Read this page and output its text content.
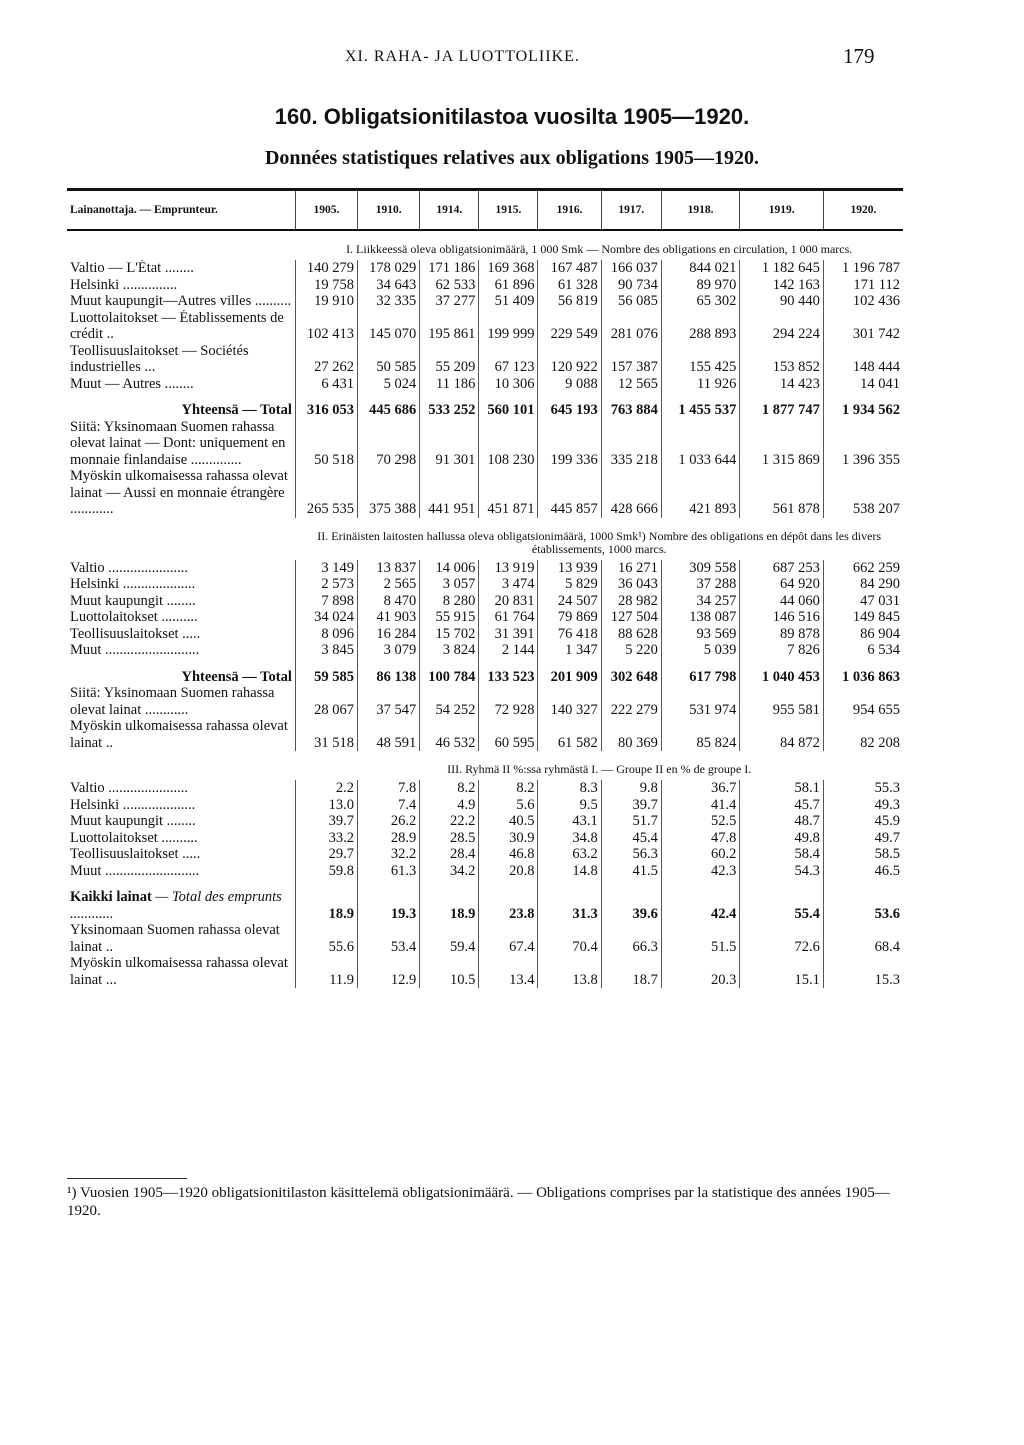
XI. RAHA- JA LUOTTOLIIKE.	179
160. Obligatsionitilastoa vuosilta 1905—1920.
Données statistiques relatives aux obligations 1905—1920.
Lainanottaja. — Emprunteur.	1905.	1910.	1914.	1915.	1916.	1917.	1918.	1919.	1920.
	I. Liikkeessä oleva obligatsionimäärä, 1 000 Smk — Nombre des obligations en circulation, 1 000 marcs.								
Valtio — L'État ........	140 279	178 029	171 186	169 368	167 487	166 037	844 021	1 182 645	1 196 787
Helsinki ...............	19 758	34 643	62 533	61 896	61 328	90 734	89 970	142 163	171 112
Muut kaupungit—Autres villes ..........	19 910	32 335	37 277	51 409	56 819	56 085	65 302	90 440	102 436
Luottolaitokset — Établissements de crédit ..	102 413	145 070	195 861	199 999	229 549	281 076	288 893	294 224	301 742
Teollisuuslaitokset — Sociétés industrielles ...	27 262	50 585	55 209	67 123	120 922	157 387	155 425	153 852	148 444
Muut — Autres ........	6 431	5 024	11 186	10 306	9 088	12 565	11 926	14 423	14 041
Yhteensä — Total	316 053	445 686	533 252	560 101	645 193	763 884	1 455 537	1 877 747	1 934 562
Siitä: Yksinomaan Suomen rahassa olevat lainat — Dont: uniquement en monnaie finlandaise ..............	50 518	70 298	91 301	108 230	199 336	335 218	1 033 644	1 315 869	1 396 355
Myöskin ulkomaisessa rahassa olevat lainat — Aussi en monnaie étrangère ............	265 535	375 388	441 951	451 871	445 857	428 666	421 893	561 878	538 207
	II. Erinäisten laitosten hallussa oleva obligatsionimäärä, 1000 Smk¹) Nombre des obligations en dépôt dans les divers établissements, 1000 marcs.								
Valtio ......................	3 149	13 837	14 006	13 919	13 939	16 271	309 558	687 253	662 259
Helsinki ....................	2 573	2 565	3 057	3 474	5 829	36 043	37 288	64 920	84 290
Muut kaupungit ........	7 898	8 470	8 280	20 831	24 507	28 982	34 257	44 060	47 031
Luottolaitokset ..........	34 024	41 903	55 915	61 764	79 869	127 504	138 087	146 516	149 845
Teollisuuslaitokset .....	8 096	16 284	15 702	31 391	76 418	88 628	93 569	89 878	86 904
Muut ..........................	3 845	3 079	3 824	2 144	1 347	5 220	5 039	7 826	6 534
Yhteensä — Total	59 585	86 138	100 784	133 523	201 909	302 648	617 798	1 040 453	1 036 863
Siitä: Yksinomaan Suomen rahassa olevat lainat ............	28 067	37 547	54 252	72 928	140 327	222 279	531 974	955 581	954 655
Myöskin ulkomaisessa rahassa olevat lainat ..	31 518	48 591	46 532	60 595	61 582	80 369	85 824	84 872	82 208
	III. Ryhmä II %:ssa ryhmästä I. — Groupe II en % de groupe I.								
Valtio ......................	2.2	7.8	8.2	8.2	8.3	9.8	36.7	58.1	55.3
Helsinki ....................	13.0	7.4	4.9	5.6	9.5	39.7	41.4	45.7	49.3
Muut kaupungit ........	39.7	26.2	22.2	40.5	43.1	51.7	52.5	48.7	45.9
Luottolaitokset ..........	33.2	28.9	28.5	30.9	34.8	45.4	47.8	49.8	49.7
Teollisuuslaitokset .....	29.7	32.2	28.4	46.8	63.2	56.3	60.2	58.4	58.5
Muut ..........................	59.8	61.3	34.2	20.8	14.8	41.5	42.3	54.3	46.5
Kaikki lainat — Total des emprunts ............	18.9	19.3	18.9	23.8	31.3	39.6	42.4	55.4	53.6
Yksinomaan Suomen rahassa olevat lainat ..	55.6	53.4	59.4	67.4	70.4	66.3	51.5	72.6	68.4
Myöskin ulkomaisessa rahassa olevat lainat ...	11.9	12.9	10.5	13.4	13.8	18.7	20.3	15.1	15.3
¹) Vuosien 1905—1920 obligatsionitilaston käsittelemä obligatsionimäärä. — Obligations comprises par la statistique des années 1905—1920.
